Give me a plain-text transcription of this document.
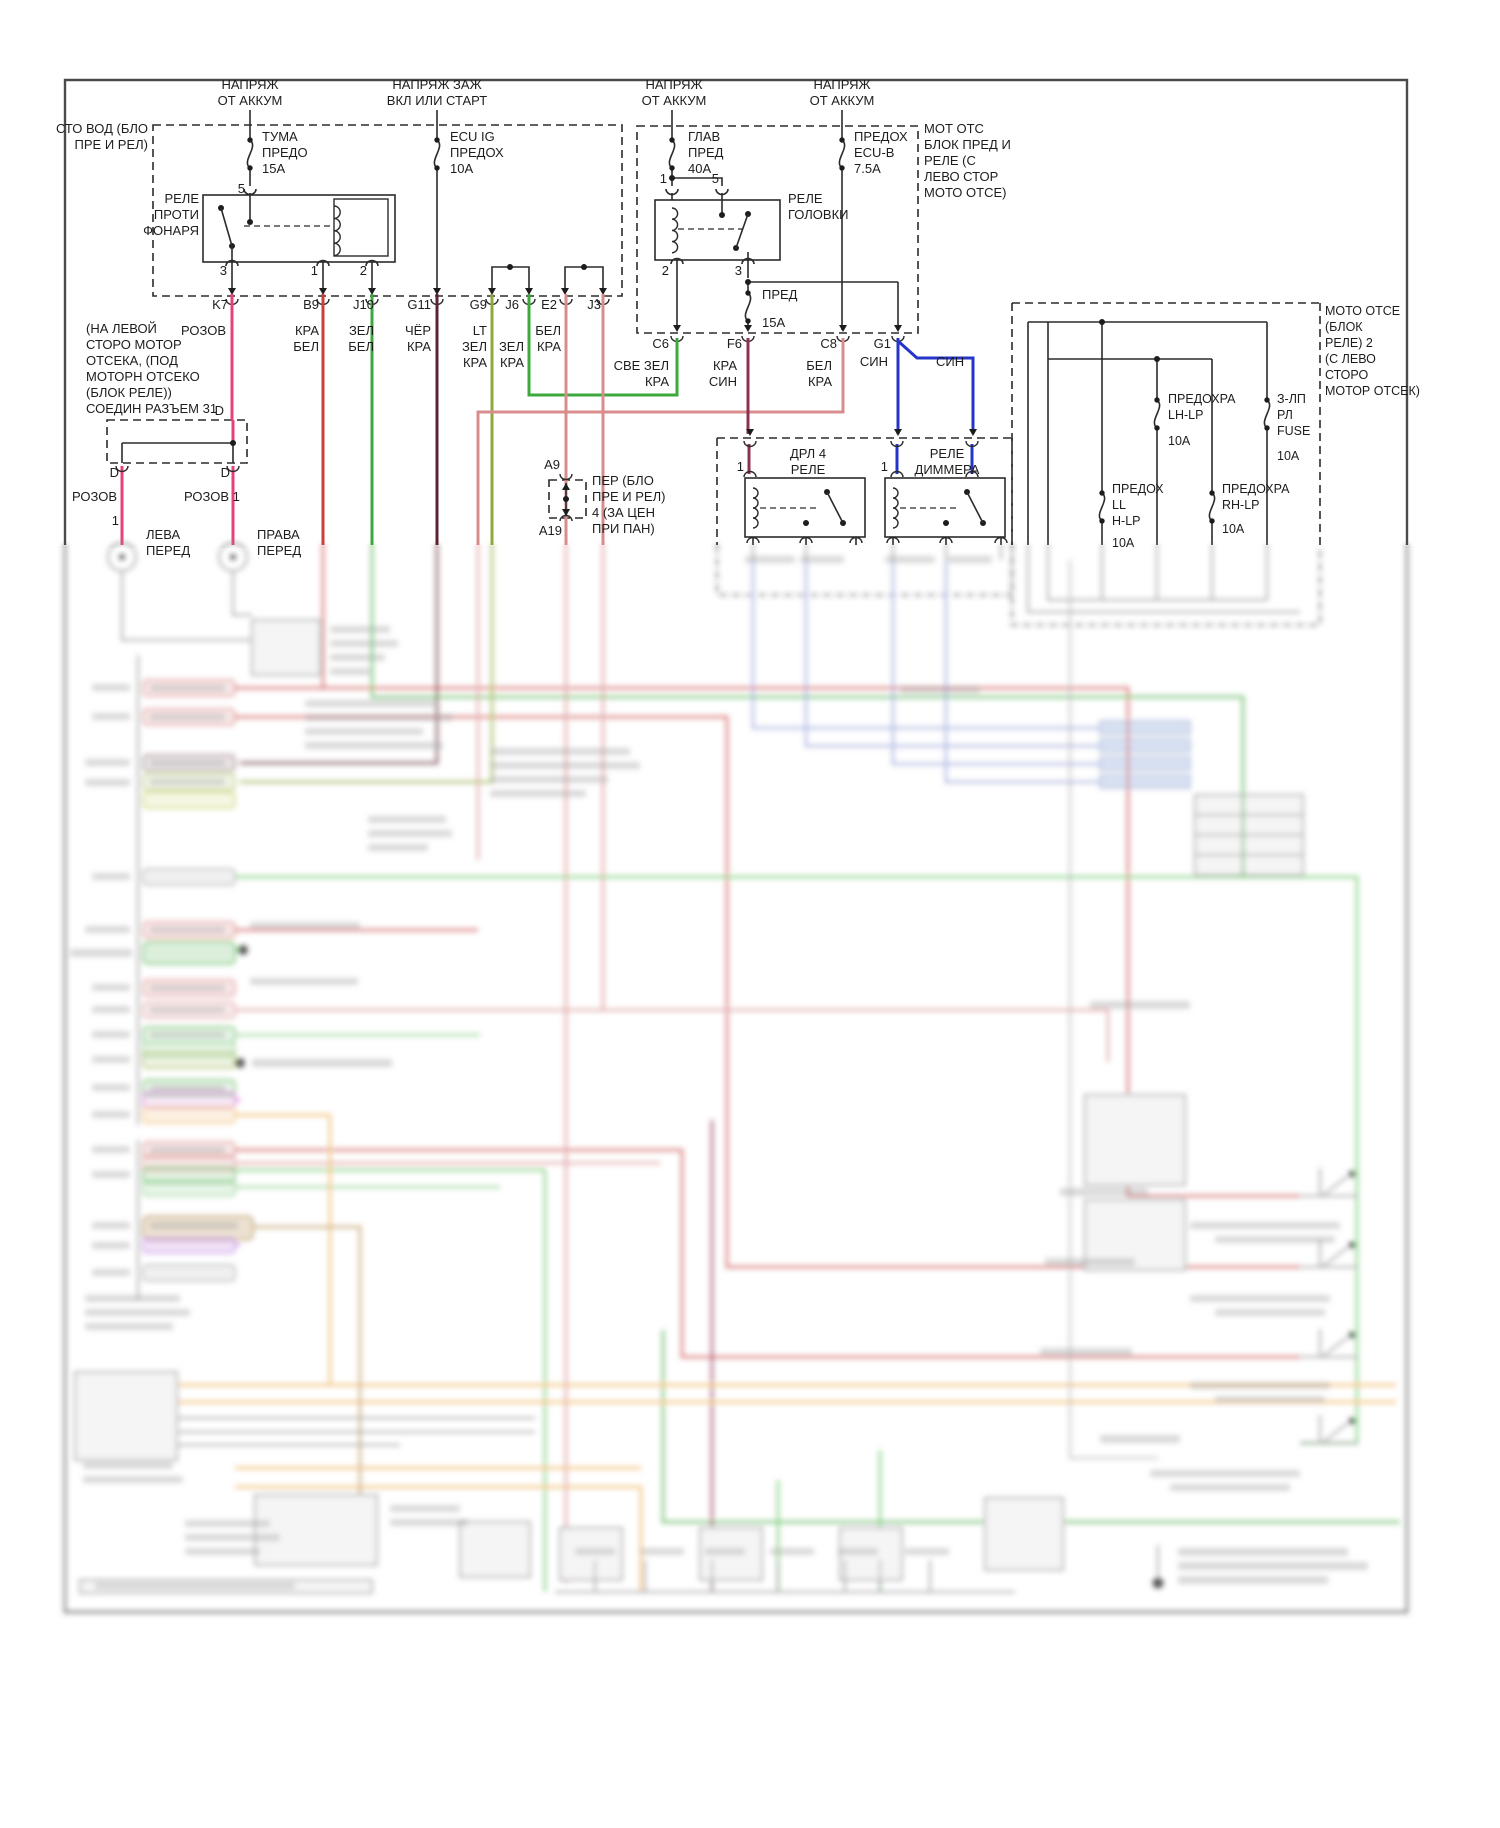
НАПРЯЖ
ОТ АККУМ
НАПРЯЖ ЗАЖ
ВКЛ ИЛИ СТАРТ
НАПРЯЖ
ОТ АККУМ
НАПРЯЖ
ОТ АККУМ
СТО ВОД (БЛО
ПРЕ И РЕЛ)
ТУМА
ПРЕДО
15A
ECU IG
ПРЕДОХ
10A
ГЛАВ
ПРЕД
40A
ПРЕДОХ
ECU-B
7.5A
ПРЕД
15A
5
3	1	2
1	5
2	3
1	1
РЕЛЕ
ПРОТИ
ФОНАРЯ
РЕЛЕ
ГОЛОВКИ
ДРЛ 4
РЕЛЕ
РЕЛЕ
ДИММЕРА
МОТ ОТС
БЛОК ПРЕД И
РЕЛЕ (С
ЛЕВО СТОР
МОТО ОТСЕ)
МОТО ОТСЕ
(БЛОК
РЕЛЕ) 2
(С ЛЕВО
СТОРО
МОТОР ОТСЕК)
K7	B9	J10	G11	G9 J6 E2 J3
РОЗОВ	КРА
БЕЛ
ЗЕЛ
БЕЛ
ЧЁР
КРА
LT
ЗЕЛ
КРА
ЗЕЛ
КРА
БЕЛ
КРА	C6
СВЕ ЗЕЛ
КРА
F6
КРА
СИН
C8
БЕЛ
КРА
G1
СИН	СИН
(НА ЛЕВОЙ
СТОРО МОТОР
ОТСЕКА, (ПОД
МОТОРН ОТСЕКО
(БЛОК РЕЛЕ))
СОЕДИН РАЗЪЕМ 31
D
D	D
РОЗОВ	РОЗОВ 1
1
ЛЕВА
ПЕРЕД
ПРАВА
ПЕРЕД
A9
A19
ПЕР (БЛО
ПРЕ И РЕЛ)
4 (ЗА ЦЕН
ПРИ ПАН)
ПРЕДОХРА
LH-LP
10A
З-ЛП
РЛ
FUSE
10A
ПРЕДОХ
LL
H-LP
10A
ПРЕДОХРА
RH-LP
10A
